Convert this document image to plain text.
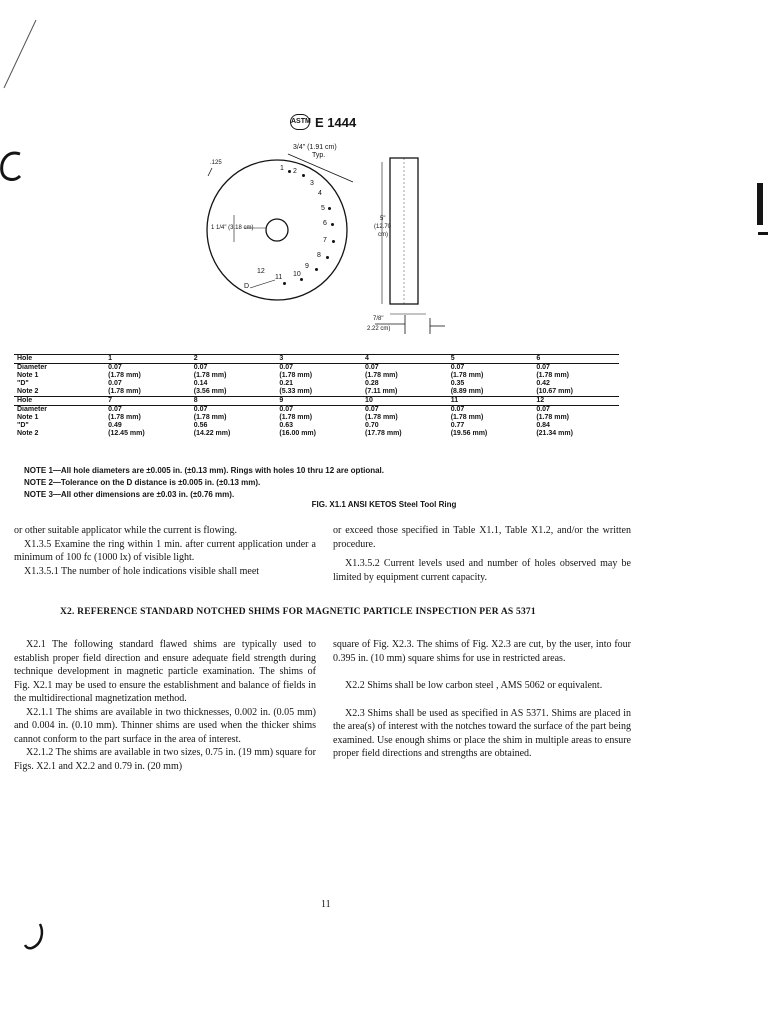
ASTM E 1444
1 2
3
4
5
6
7
8
9
10
11
12
3/4" (1.91 cm)
Typ.
.125
1 1/4" (3.18 cm)
D
5"
(12.70
cm)
7/8"
2.22 cm)
Hole	1	2	3	4	5	6
Diameter	0.07	0.07	0.07	0.07	0.07	0.07
Note 1	(1.78 mm)	(1.78 mm)	(1.78 mm)	(1.78 mm)	(1.78 mm)	(1.78 mm)
"D"	0.07	0.14	0.21	0.28	0.35	0.42
Note 2	(1.78 mm)	(3.56 mm)	(5.33 mm)	(7.11 mm)	(8.89 mm)	(10.67 mm)
Hole	7	8	9	10	11	12
Diameter	0.07	0.07	0.07	0.07	0.07	0.07
Note 1	(1.78 mm)	(1.78 mm)	(1.78 mm)	(1.78 mm)	(1.78 mm)	(1.78 mm)
"D"	0.49	0.56	0.63	0.70	0.77	0.84
Note 2	(12.45 mm)	(14.22 mm)	(16.00 mm)	(17.78 mm)	(19.56 mm)	(21.34 mm)
NOTE 1—All hole diameters are ±0.005 in. (±0.13 mm). Rings with holes 10 thru 12 are optional.
NOTE 2—Tolerance on the D distance is ±0.005 in. (±0.13 mm).
NOTE 3—All other dimensions are ±0.03 in. (±0.76 mm).
FIG. X1.1 ANSI KETOS Steel Tool Ring

or other suitable applicator while the current is flowing.

X1.3.5 Examine the ring within 1 min. after current application under a minimum of 100 fc (1000 lx) of visible light.

X1.3.5.1 The number of hole indications visible shall meet

or exceed those specified in Table X1.1, Table X1.2, and/or the written procedure.

X1.3.5.2 Current levels used and number of holes observed may be limited by equipment current capacity.

X2. REFERENCE STANDARD NOTCHED SHIMS FOR MAGNETIC PARTICLE INSPECTION PER AS 5371

X2.1 The following standard flawed shims are typically used to establish proper field direction and ensure adequate field strength during technique development in magnetic particle examination. The shims of Fig. X2.1 may be used to ensure the establishment and balance of fields in the multidirectional magnetization method.

X2.1.1 The shims are available in two thicknesses, 0.002 in. (0.05 mm) and 0.004 in. (0.10 mm). Thinner shims are used when the thicker shims cannot conform to the part surface in the area of interest.

X2.1.2 The shims are available in two sizes, 0.75 in. (19 mm) square for Figs. X2.1 and X2.2 and 0.79 in. (20 mm)

square of Fig. X2.3. The shims of Fig. X2.3 are cut, by the user, into four 0.395 in. (10 mm) square shims for use in restricted areas.

X2.2 Shims shall be low carbon steel , AMS 5062 or equivalent.

X2.3 Shims shall be used as specified in AS 5371. Shims are placed in the area(s) of interest with the notches toward the surface of the part being examined. Use enough shims or place the shim in multiple areas to ensure proper field directions and strengths are obtained.

11
